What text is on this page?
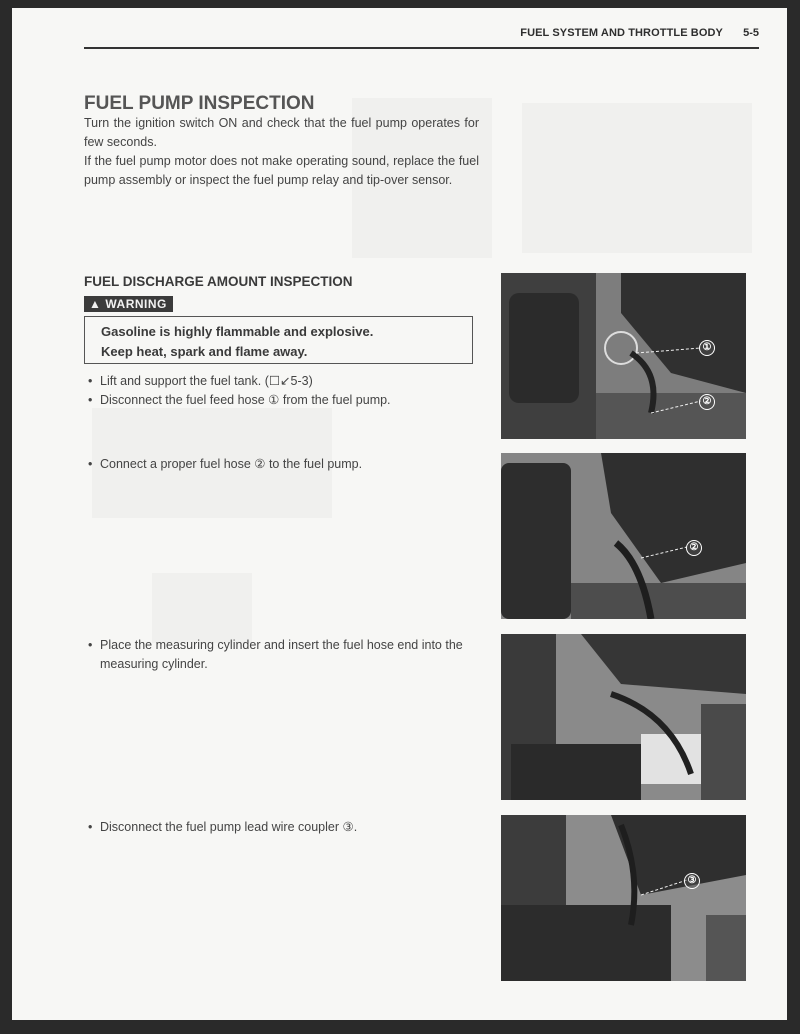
FUEL SYSTEM AND THROTTLE BODY 5-5
FUEL PUMP INSPECTION
Turn the ignition switch ON and check that the fuel pump operates for few seconds.
If the fuel pump motor does not make operating sound, replace the fuel pump assembly or inspect the fuel pump relay and tip-over sensor.
FUEL DISCHARGE AMOUNT INSPECTION
▲ WARNING
Gasoline is highly flammable and explosive.
Keep heat, spark and flame away.
• Lift and support the fuel tank. (☐↙5-3)
• Disconnect the fuel feed hose ① from the fuel pump.
• Connect a proper fuel hose ② to the fuel pump.
• Place the measuring cylinder and insert the fuel hose end into the measuring cylinder.
• Disconnect the fuel pump lead wire coupler ③.
①
②
②
③
